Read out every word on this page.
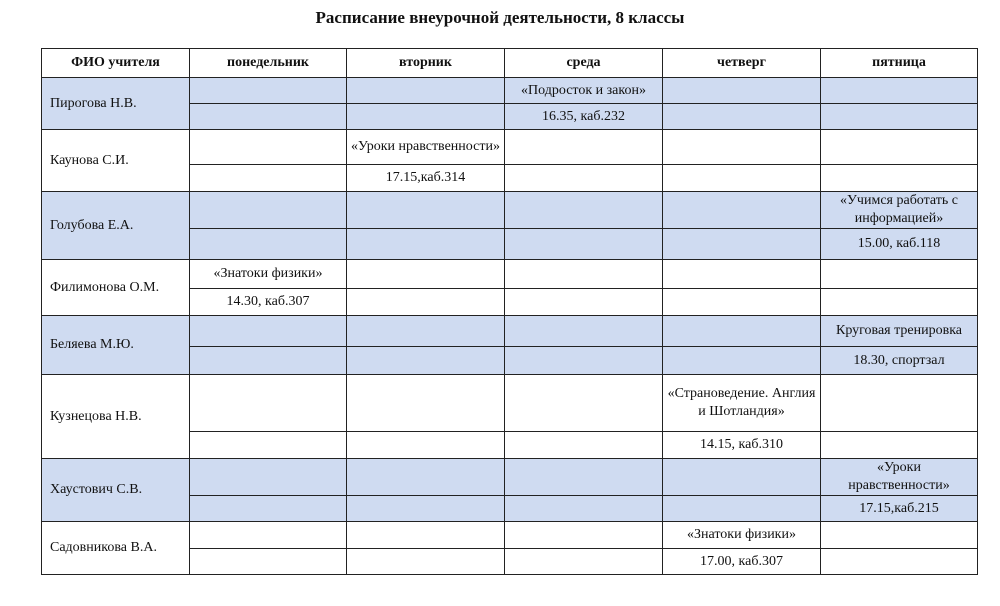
Расписание внеурочной деятельности, 8 классы
ФИО учителя	понедельник	вторник	среда	четверг	пятница
Пирогова Н.В.			«Подросток и закон»		
			16.35, каб.232		
Каунова С.И.		«Уроки нравственности»			
		17.15,каб.314			
Голубова Е.А.					«Учимся работать с информацией»
					15.00, каб.118
Филимонова О.М.	«Знатоки физики»				
	14.30, каб.307				
Беляева М.Ю.					Круговая тренировка
					18.30, спортзал
Кузнецова Н.В.				«Страноведение. Англия и Шотландия»	
				14.15, каб.310	
Хаустович С.В.					«Уроки нравственности»
					17.15,каб.215
Садовникова В.А.				«Знатоки физики»	
				17.00, каб.307	
